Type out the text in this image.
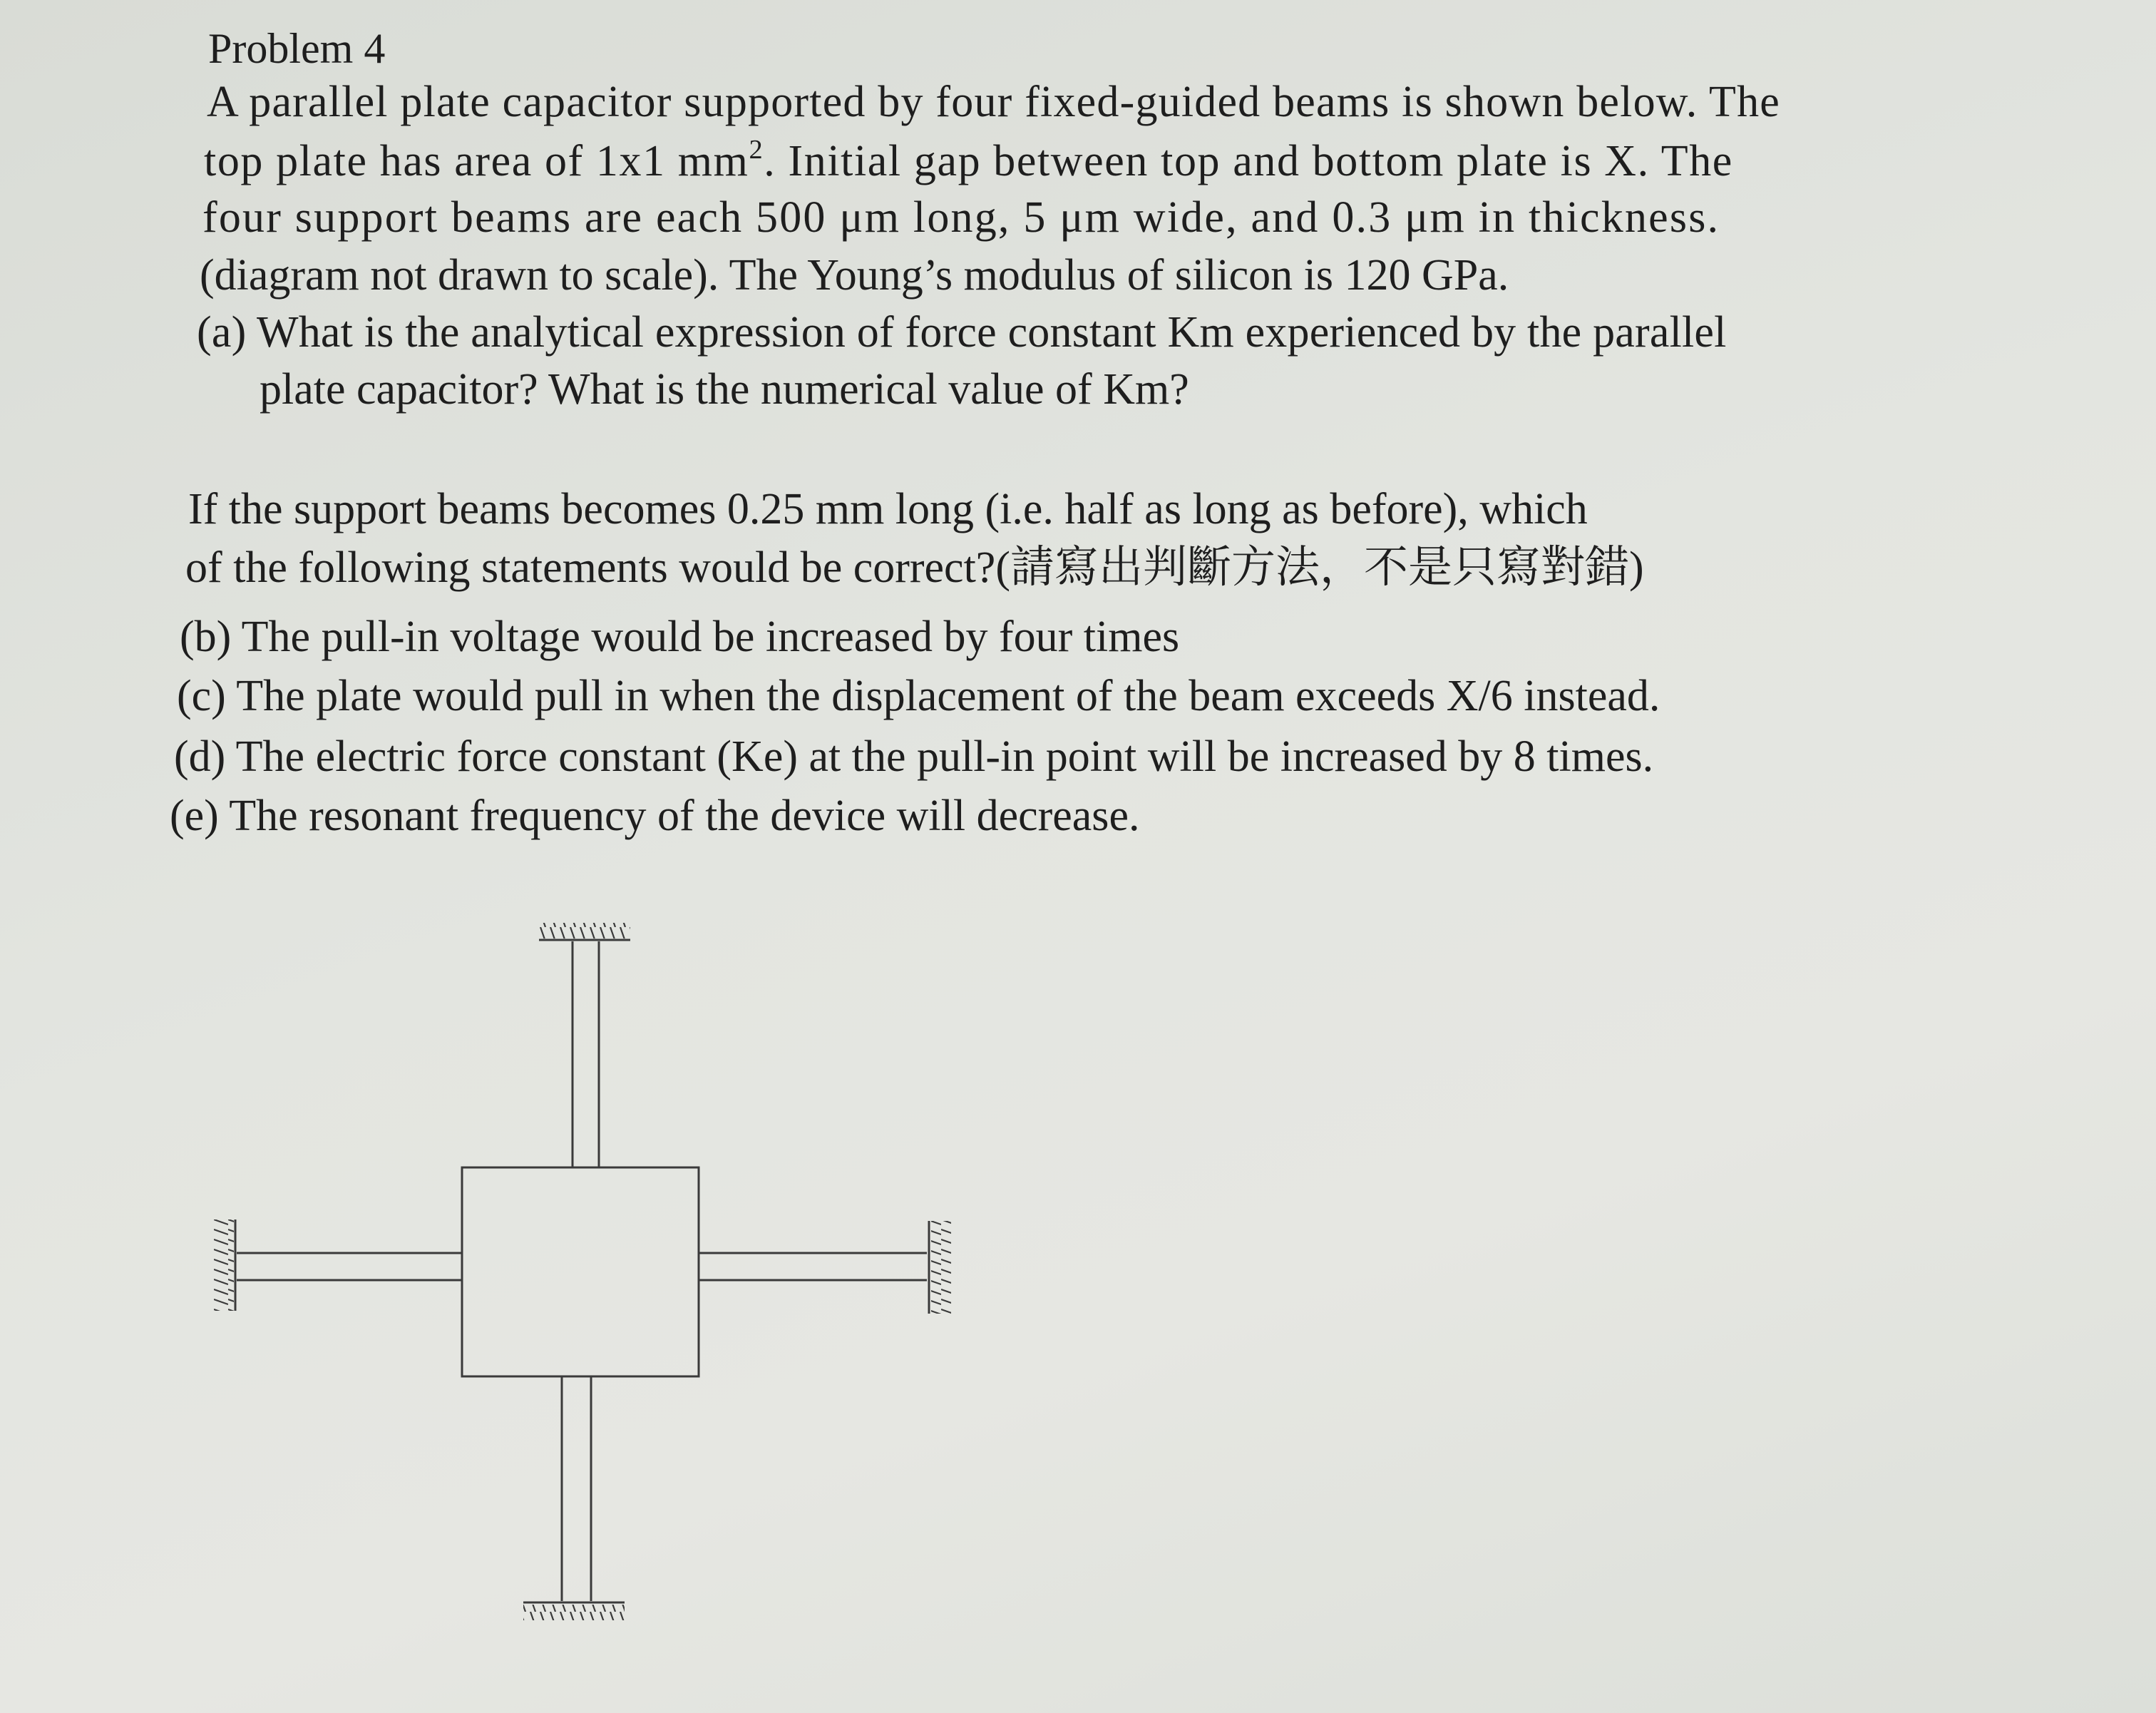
Problem 4
A parallel plate capacitor supported by four fixed-guided beams is shown below. The
top plate has area of 1x1 $mm^2$. Initial gap between top and bottom plate is X. The
four support beams are each 500 μm long, 5 μm wide, and 0.3 μm in thickness.
(diagram not drawn to scale). The Young’s modulus of silicon is 120 GPa.
(a) What is the analytical expression of force constant Km experienced by the parallel
plate capacitor? What is the numerical value of Km?
If the support beams becomes 0.25 mm long (i.e. half as long as before), which
of the following statements would be correct?(請寫出判斷方法，不是只寫對錯)
(b) The pull-in voltage would be increased by four times
(c) The plate would pull in when the displacement of the beam exceeds X/6 instead.
(d) The electric force constant (Ke) at the pull-in point will be increased by 8 times.
(e) The resonant frequency of the device will decrease.
